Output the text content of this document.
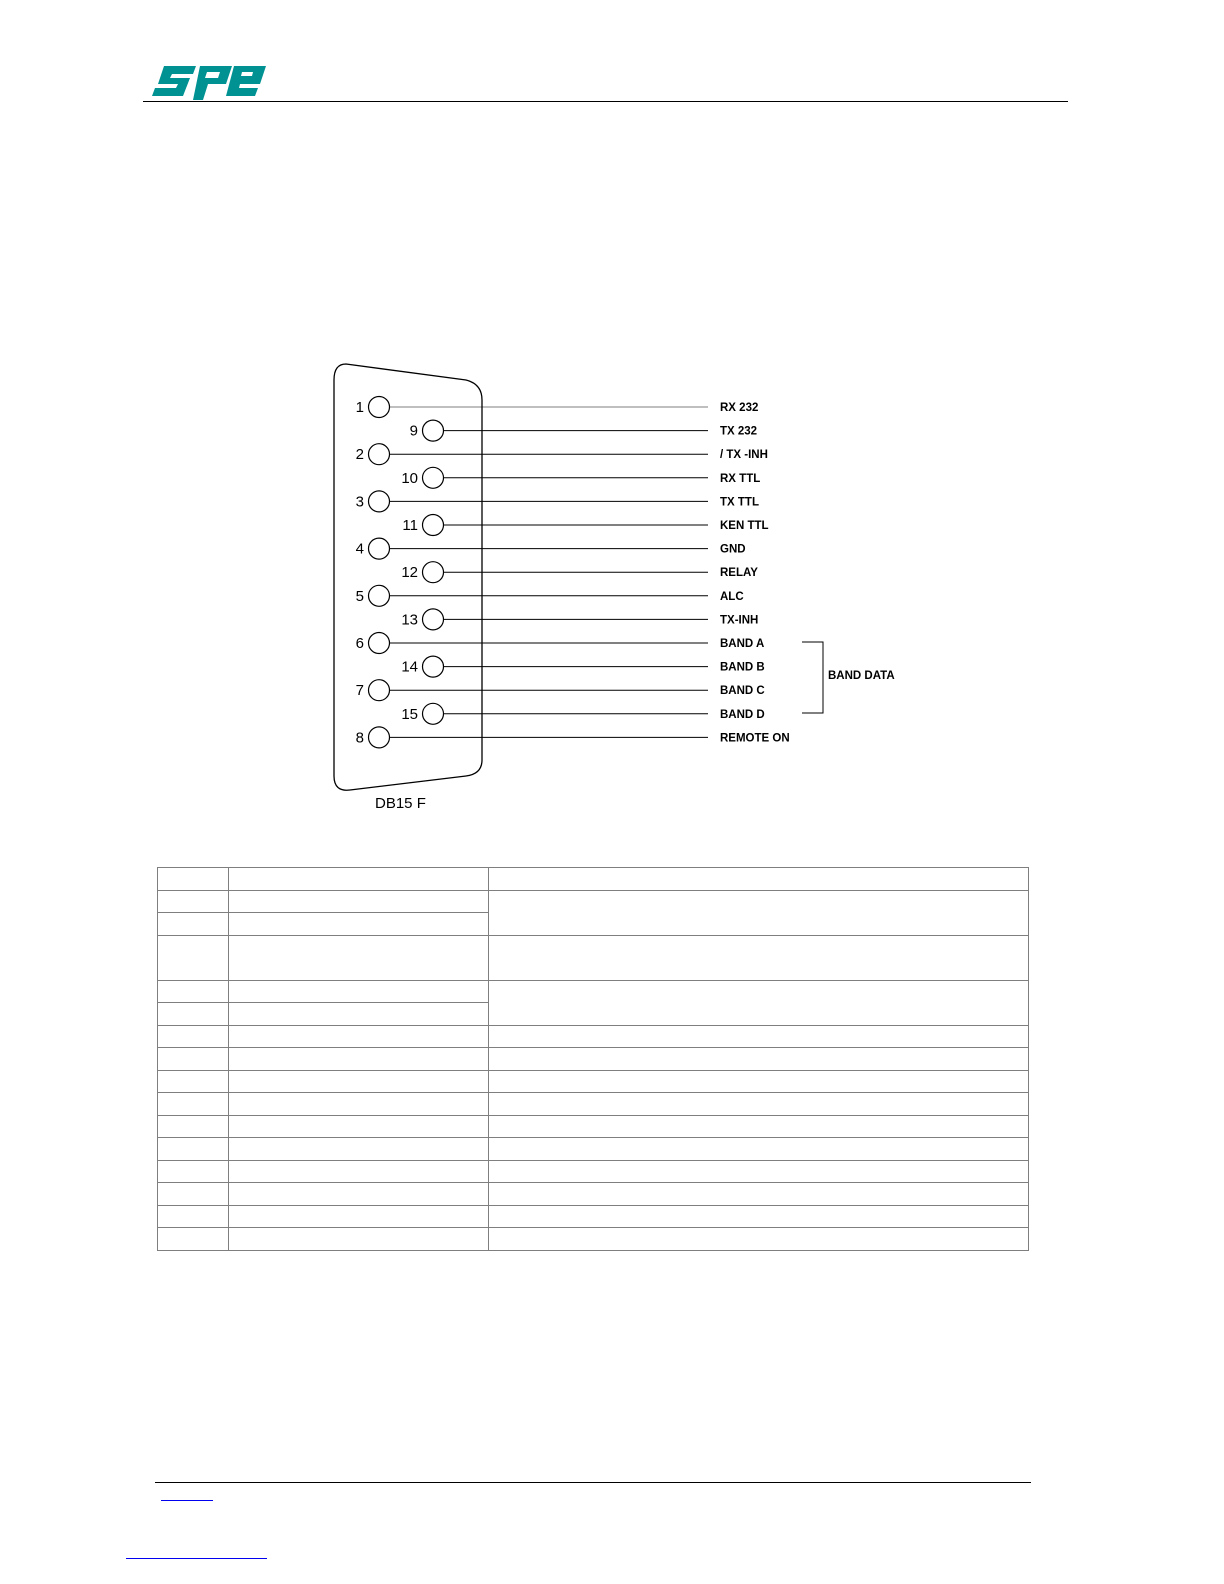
1
9
2
10
3
11
4
12
5
13
6
14
7
15
8
RX 232
TX 232
/ TX -INH
RX TTL
TX TTL
KEN TTL
GND
RELAY
ALC
TX-INH
BAND A
BAND B
BAND C
BAND D
REMOTE ON
BAND DATA
DB15 F
